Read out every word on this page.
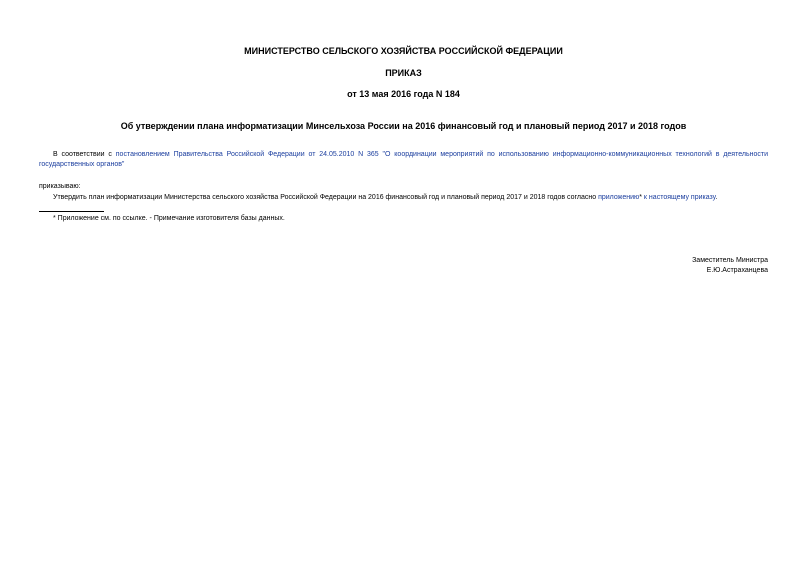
МИНИСТЕРСТВО СЕЛЬСКОГО ХОЗЯЙСТВА РОССИЙСКОЙ ФЕДЕРАЦИИ
ПРИКАЗ
от 13 мая 2016 года N 184
Об утверждении плана информатизации Минсельхоза России на 2016 финансовый год и плановый период 2017 и 2018 годов
В соответствии с постановлением Правительства Российской Федерации от 24.05.2010 N 365 "О координации мероприятий по использованию информационно-коммуникационных технологий в деятельности государственных органов"
приказываю:
Утвердить план информатизации Министерства сельского хозяйства Российской Федерации на 2016 финансовый год и плановый период 2017 и 2018 годов согласно приложению* к настоящему приказу.
* Приложение см. по ссылке. - Примечание изготовителя базы данных.
Заместитель Министра
Е.Ю.Астраханцева
